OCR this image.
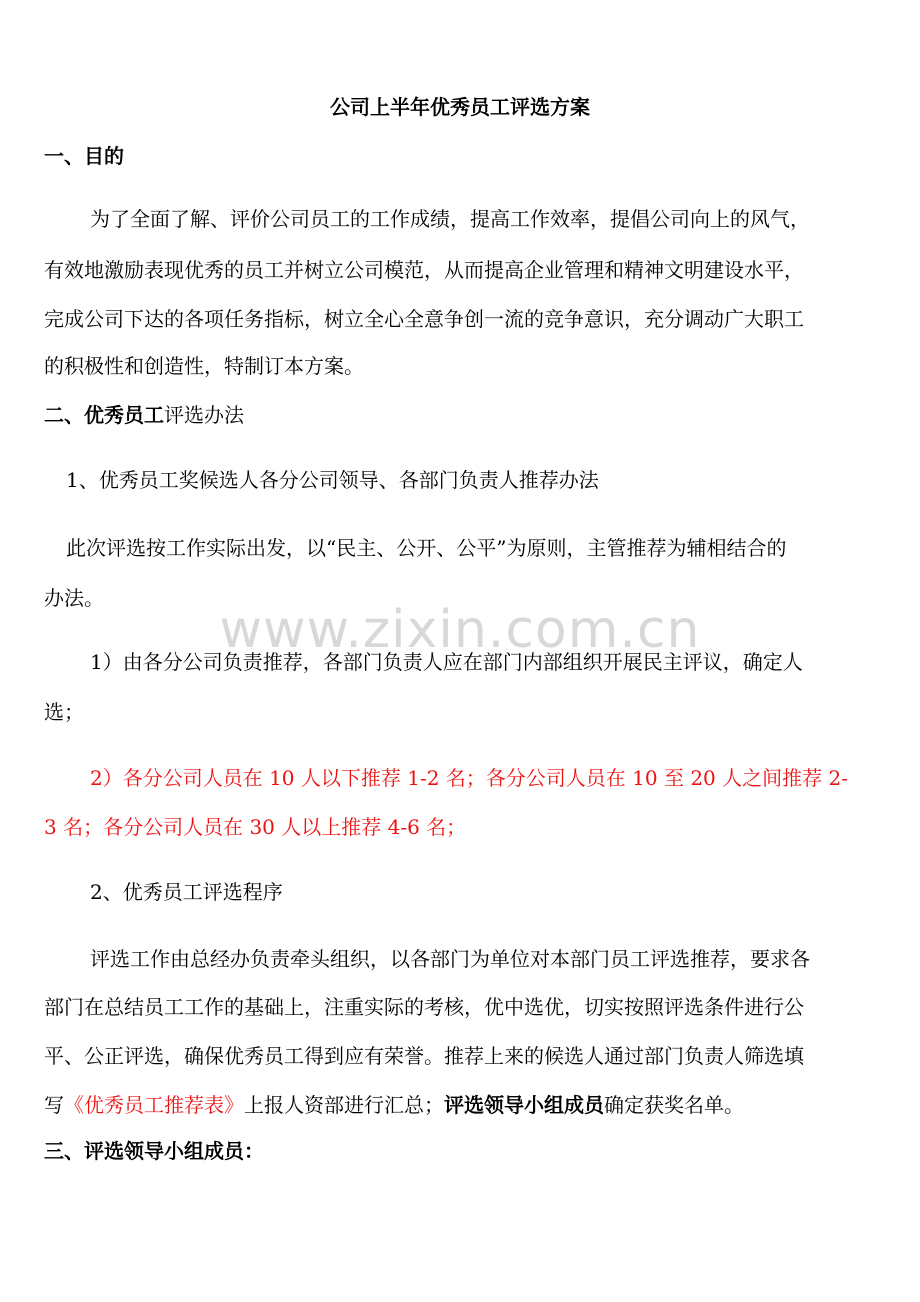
www.zixin.com.cn
公司上半年优秀员工评选方案
一、目的
为了全面了解、评价公司员工的工作成绩，提高工作效率，提倡公司向上的风气，
有效地激励表现优秀的员工并树立公司模范，从而提高企业管理和精神文明建设水平，
完成公司下达的各项任务指标，树立全心全意争创一流的竞争意识，充分调动广大职工
的积极性和创造性，特制订本方案。
二、优秀员工评选办法
1、优秀员工奖候选人各分公司领导、各部门负责人推荐办法
此次评选按工作实际出发，以“民主、公开、公平”为原则，主管推荐为辅相结合的
办法。
1）由各分公司负责推荐，各部门负责人应在部门内部组织开展民主评议，确定人
选；
2）各分公司人员在 10 人以下推荐 1-2 名；各分公司人员在 10 至 20 人之间推荐 2-
3 名；各分公司人员在 30 人以上推荐 4-6 名；
2、优秀员工评选程序
评选工作由总经办负责牵头组织，以各部门为单位对本部门员工评选推荐，要求各
部门在总结员工工作的基础上，注重实际的考核，优中选优，切实按照评选条件进行公
平、公正评选，确保优秀员工得到应有荣誉。推荐上来的候选人通过部门负责人筛选填
写《优秀员工推荐表》上报人资部进行汇总；评选领导小组成员确定获奖名单。
三、评选领导小组成员：
